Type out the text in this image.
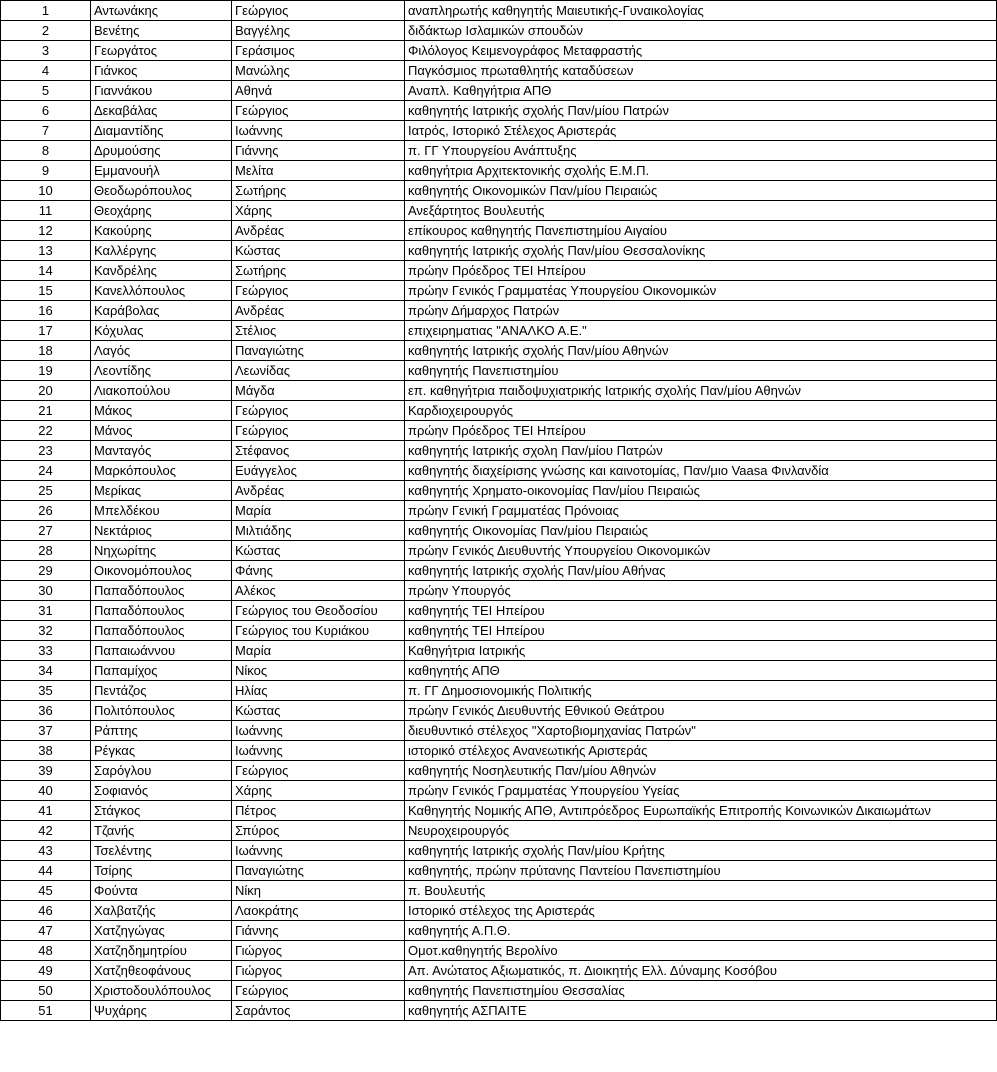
1	Αντωνάκης	Γεώργιος	αναπληρωτής καθηγητής Μαιευτικής-Γυναικολογίας
2	Βενέτης	Βαγγέλης	διδάκτωρ Ισλαμικών σπουδών
3	Γεωργάτος	Γεράσιμος	Φιλόλογος Κειμενογράφος Μεταφραστής
4	Γιάνκος	Μανώλης	Παγκόσμιος πρωταθλητής καταδύσεων
5	Γιαννάκου	Αθηνά	Αναπλ. Καθηγήτρια ΑΠΘ
6	Δεκαβάλας	Γεώργιος	καθηγητής Ιατρικής σχολής Παν/μίου Πατρών
7	Διαμαντίδης	Ιωάννης	Ιατρός, Ιστορικό Στέλεχος Αριστεράς
8	Δρυμούσης	Γιάννης	π. ΓΓ Υπουργείου Ανάπτυξης
9	Εμμανουήλ	Μελίτα	καθηγήτρια Αρχιτεκτονικής σχολής Ε.Μ.Π.
10	Θεοδωρόπουλος	Σωτήρης	καθηγητής Οικονομικών Παν/μίου Πειραιώς
11	Θεοχάρης	Χάρης	Ανεξάρτητος Βουλευτής
12	Κακούρης	Ανδρέας	επίκουρος καθηγητής Πανεπιστημίου Αιγαίου
13	Καλλέργης	Κώστας	καθηγητής Ιατρικής σχολής Παν/μίου Θεσσαλονίκης
14	Κανδρέλης	Σωτήρης	πρώην Πρόεδρος ΤΕΙ Ηπείρου
15	Κανελλόπουλος	Γεώργιος	πρώην Γενικός Γραμματέας Υπουργείου Οικονομικών
16	Καράβολας	Ανδρέας	πρώην Δήμαρχος Πατρών
17	Κόχυλας	Στέλιος	επιχειρηματιας "ΑΝΑΛΚΟ Α.Ε."
18	Λαγός	Παναγιώτης	καθηγητής Ιατρικής σχολής Παν/μίου Αθηνών
19	Λεοντίδης	Λεωνίδας	καθηγητής Πανεπιστημίου
20	Λιακοπούλου	Μάγδα	επ. καθηγήτρια παιδοψυχιατρικής Ιατρικής σχολής Παν/μίου Αθηνών
21	Μάκος	Γεώργιος	Καρδιοχειρουργός
22	Μάνος	Γεώργιος	πρώην Πρόεδρος ΤΕΙ Ηπείρου
23	Μανταγός	Στέφανος	καθηγητής Ιατρικής σχολη Παν/μίου Πατρών
24	Μαρκόπουλος	Ευάγγελος	καθηγητής διαχείρισης γνώσης και καινοτομίας, Παν/μιο Vaasa Φινλανδία
25	Μερίκας	Ανδρέας	καθηγητής Χρηματο-οικονομίας Παν/μίου Πειραιώς
26	Μπελδέκου	Μαρία	πρώην Γενική Γραμματέας Πρόνοιας
27	Νεκτάριος	Μιλτιάδης	καθηγητής Οικονομίας Παν/μίου Πειραιώς
28	Νηχωρίτης	Κώστας	πρώην Γενικός Διευθυντής Υπουργείου Οικονομικών
29	Οικονομόπουλος	Φάνης	καθηγητής Ιατρικής σχολής Παν/μίου Αθήνας
30	Παπαδόπουλος	Αλέκος	πρώην Υπουργός
31	Παπαδόπουλος	Γεώργιος του Θεοδοσίου	καθηγητής ΤΕΙ Ηπείρου
32	Παπαδόπουλος	Γεώργιος του Κυριάκου	καθηγητής ΤΕΙ Ηπείρου
33	Παπαιωάννου	Μαρία	Καθηγήτρια Ιατρικής
34	Παπαμίχος	Νίκος	καθηγητής ΑΠΘ
35	Πεντάζος	Ηλίας	π. ΓΓ Δημοσιονομικής Πολιτικής
36	Πολιτόπουλος	Κώστας	πρώην Γενικός Διευθυντής Εθνικού Θεάτρου
37	Ράπτης	Ιωάννης	διευθυντικό στέλεχος "Χαρτοβιομηχανίας Πατρών"
38	Ρέγκας	Ιωάννης	ιστορικό στέλεχος Ανανεωτικής Αριστεράς
39	Σαρόγλου	Γεώργιος	καθηγητής Νοσηλευτικής Παν/μίου Αθηνών
40	Σοφιανός	Χάρης	πρώην Γενικός Γραμματέας Υπουργείου Υγείας
41	Στάγκος	Πέτρος	Καθηγητής Νομικής ΑΠΘ, Αντιπρόεδρος Ευρωπαϊκής Επιτροπής Κοινωνικών Δικαιωμάτων
42	Τζανής	Σπύρος	Νευροχειρουργός
43	Τσελέντης	Ιωάννης	καθηγητής Ιατρικής σχολής Παν/μίου Κρήτης
44	Τσίρης	Παναγιώτης	καθηγητής, πρώην πρύτανης Παντείου Πανεπιστημίου
45	Φούντα	Νίκη	π. Βουλευτής
46	Χαλβατζής	Λαοκράτης	Ιστορικό στέλεχος της Αριστεράς
47	Χατζηγώγας	Γιάννης	καθηγητής Α.Π.Θ.
48	Χατζηδημητρίου	Γιώργος	Ομοτ.καθηγητής Βερολίνο
49	Χατζηθεοφάνους	Γιώργος	Απ. Ανώτατος Αξιωματικός, π. Διοικητής Ελλ. Δύναμης Κοσόβου
50	Χριστοδουλόπουλος	Γεώργιος	καθηγητής Πανεπιστημίου Θεσσαλίας
51	Ψυχάρης	Σαράντος	καθηγητής ΑΣΠΑΙΤΕ
